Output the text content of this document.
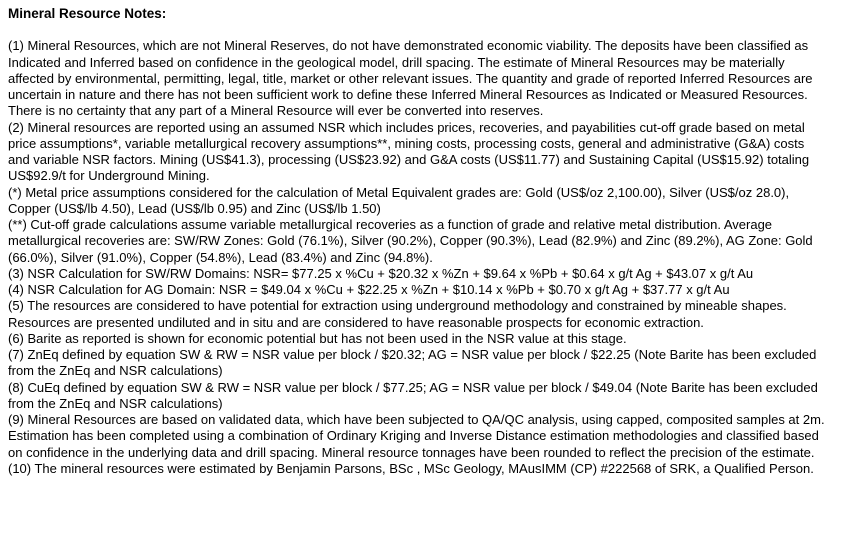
Mineral Resource Notes:

(1) Mineral Resources, which are not Mineral Reserves, do not have demonstrated economic viability. The deposits have been classified as Indicated and Inferred based on confidence in the geological model, drill spacing. The estimate of Mineral Resources may be materially affected by environmental, permitting, legal, title, market or other relevant issues. The quantity and grade of reported Inferred Resources are uncertain in nature and there has not been sufficient work to define these Inferred Mineral Resources as Indicated or Measured Resources. There is no certainty that any part of a Mineral Resource will ever be converted into reserves.

(2) Mineral resources are reported using an assumed NSR which includes prices, recoveries, and payabilities cut-off grade based on metal price assumptions*, variable metallurgical recovery assumptions**, mining costs, processing costs, general and administrative (G&A) costs and variable NSR factors. Mining (US$41.3), processing (US$23.92) and G&A costs (US$11.77) and Sustaining Capital (US$15.92) totaling US$92.9/t for Underground Mining.

(*) Metal price assumptions considered for the calculation of Metal Equivalent grades are: Gold (US$/oz 2,100.00), Silver (US$/oz 28.0), Copper (US$/lb 4.50), Lead (US$/lb 0.95) and Zinc (US$/lb 1.50)

(**) Cut-off grade calculations assume variable metallurgical recoveries as a function of grade and relative metal distribution. Average metallurgical recoveries are: SW/RW Zones: Gold (76.1%), Silver (90.2%), Copper (90.3%), Lead (82.9%) and Zinc (89.2%), AG Zone: Gold (66.0%), Silver (91.0%), Copper (54.8%), Lead (83.4%) and Zinc (94.8%).

(3) NSR Calculation for SW/RW Domains: NSR= $77.25 x %Cu + $20.32 x %Zn + $9.64 x %Pb + $0.64 x g/t Ag + $43.07 x g/t Au

(4) NSR Calculation for AG Domain: NSR = $49.04 x %Cu + $22.25 x %Zn + $10.14 x %Pb + $0.70 x g/t Ag + $37.77 x g/t Au

(5) The resources are considered to have potential for extraction using underground methodology and constrained by mineable shapes. Resources are presented undiluted and in situ and are considered to have reasonable prospects for economic extraction.

(6) Barite as reported is shown for economic potential but has not been used in the NSR value at this stage.

(7) ZnEq defined by equation SW & RW = NSR value per block / $20.32; AG = NSR value per block / $22.25 (Note Barite has been excluded from the ZnEq and NSR calculations)

(8) CuEq defined by equation SW & RW = NSR value per block / $77.25; AG = NSR value per block / $49.04 (Note Barite has been excluded from the ZnEq and NSR calculations)

(9) Mineral Resources are based on validated data, which have been subjected to QA/QC analysis, using capped, composited samples at 2m. Estimation has been completed using a combination of Ordinary Kriging and Inverse Distance estimation methodologies and classified based on confidence in the underlying data and drill spacing. Mineral resource tonnages have been rounded to reflect the precision of the estimate.

(10) The mineral resources were estimated by Benjamin Parsons, BSc , MSc Geology, MAusIMM (CP) #222568 of SRK, a Qualified Person.
